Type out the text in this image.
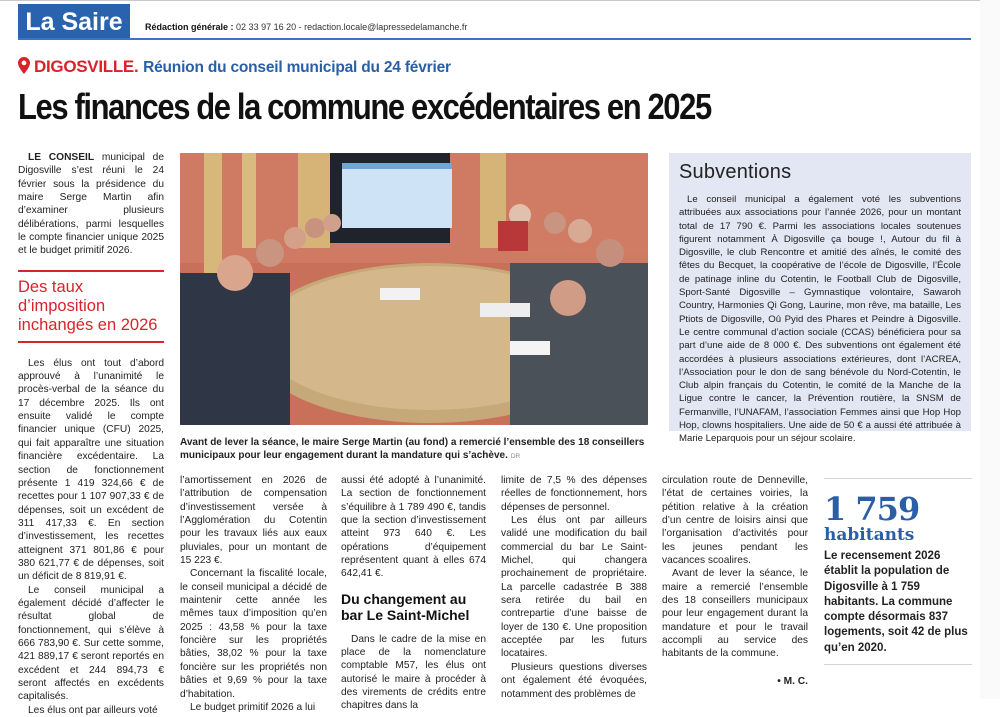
La Saire	Rédaction générale : 02 33 97 16 20 - redaction.locale@lapressedelamanche.fr
DIGOSVILLE. Réunion du conseil municipal du 24 février
Les finances de la commune excédentaires en 2025

LE CONSEIL municipal de Digosville s’est réuni le 24 février sous la présidence du maire Serge Martin afin d’examiner plusieurs délibérations, parmi lesquelles le compte financier unique 2025 et le budget primitif 2026.

Des taux d’imposition inchangés en 2026

Les élus ont tout d’abord approuvé à l’unanimité le procès-verbal de la séance du 17 décembre 2025. Ils ont ensuite validé le compte financier unique (CFU) 2025, qui fait apparaître une situation financière excédentaire. La section de fonctionnement présente 1 419 324,66 € de recettes pour 1 107 907,33 € de dépenses, soit un excédent de 311 417,33 €. En section d’investissement, les recettes atteignent 371 801,86 € pour 380 621,77 € de dépenses, soit un déficit de 8 819,91 €.

Le conseil municipal a également décidé d’affecter le résultat global de fonctionnement, qui s’élève à 666 783,90 €. Sur cette somme, 421 889,17 € seront reportés en excédent et 244 894,73 € seront affectés en excédents capitalisés.

Les élus ont par ailleurs voté

Avant de lever la séance, le maire Serge Martin (au fond) a remercié l’ensemble des 18 conseillers municipaux pour leur engagement durant la mandature qui s’achève. DR

l’amortissement en 2026 de l’attribution de compensation d’investissement versée à l’Agglomération du Cotentin pour les travaux liés aux eaux pluviales, pour un montant de 15 223 €.

Concernant la fiscalité locale, le conseil municipal a décidé de maintenir cette année les mêmes taux d’imposition qu’en 2025 : 43,58 % pour la taxe foncière sur les propriétés bâties, 38,02 % pour la taxe foncière sur les propriétés non bâties et 9,69 % pour la taxe d’habitation.

Le budget primitif 2026 a lui

aussi été adopté à l’unanimité. La section de fonctionnement s’équilibre à 1 789 490 €, tandis que la section d’investissement atteint 973 640 €. Les opérations d’équipement représentent quant à elles 674 642,41 €.

Du changement au bar Le Saint-Michel

Dans le cadre de la mise en place de la nomenclature comptable M57, les élus ont autorisé le maire à procéder à des virements de crédits entre chapitres dans la

limite de 7,5 % des dépenses réelles de fonctionnement, hors dépenses de personnel.

Les élus ont par ailleurs validé une modification du bail commercial du bar Le Saint-Michel, qui changera prochainement de propriétaire. La parcelle cadastrée B 388 sera retirée du bail en contrepartie d’une baisse de loyer de 130 €. Une proposition acceptée par les futurs locataires.

Plusieurs questions diverses ont également été évoquées, notamment des problèmes de

circulation route de Denneville, l’état de certaines voiries, la pétition relative à la création d’un centre de loisirs ainsi que l’organisation d’activités pour les jeunes pendant les vacances scoalires.

Avant de lever la séance, le maire a remercié l’ensemble des 18 conseillers municipaux pour leur engagement durant la mandature et pour le travail accompli au service des habitants de la commune.

• M. C.
Subventions

Le conseil municipal a également voté les subventions attribuées aux associations pour l’année 2026, pour un montant total de 17 790 €. Parmi les associations locales soutenues figurent notamment À Digosville ça bouge !, Autour du fil à Digosville, le club Rencontre et amitié des aînés, le comité des fêtes du Becquet, la coopérative de l’école de Digosville, l’École de patinage inline du Cotentin, le Football Club de Digosville, Sport-Santé Digosville – Gymnastique volontaire, Sawaroh Country, Harmonies Qi Gong, Laurine, mon rêve, ma bataille, Les Ptiots de Digosville, Oû Pyid des Phares et Peindre à Digosville. Le centre communal d’action sociale (CCAS) bénéficiera pour sa part d’une aide de 8 000 €. Des subventions ont également été accordées à plusieurs associations extérieures, dont l’ACREA, l’Association pour le don de sang bénévole du Nord-Cotentin, le Club alpin français du Cotentin, le comité de la Manche de la Ligue contre le cancer, la Prévention routière, la SNSM de Fermanville, l’UNAFAM, l’association Femmes ainsi que Hop Hop Hop, clowns hospitaliers. Une aide de 50 € a aussi été attribuée à Marie Leparquois pour un séjour scolaire.

1 759
habitants
Le recensement 2026 établit la population de Digosville à 1 759 habitants. La commune compte désormais 837 logements, soit 42 de plus qu’en 2020.
